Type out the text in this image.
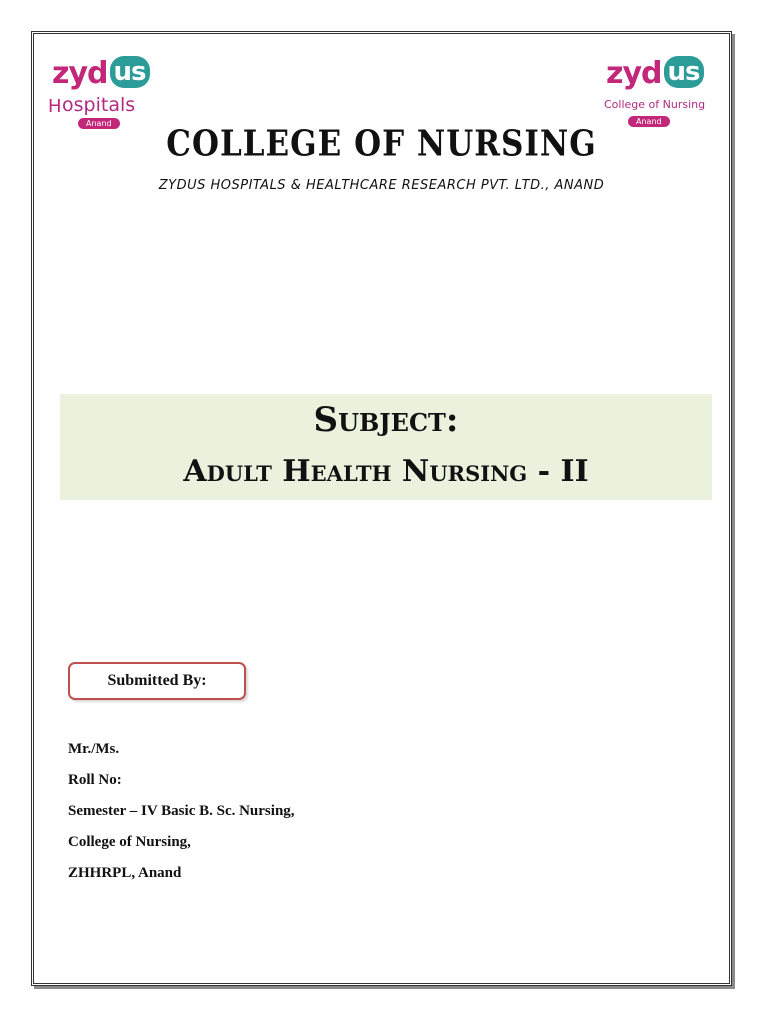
zyd us
H ospitals
Anand
zyd us
College of Nursing
Anand
COLLEGE OF NURSING
ZYDUS HOSPITALS & HEALTHCARE RESEARCH PVT. LTD., ANAND
Subject:
Adult Health Nursing - II
Submitted By:
Mr./Ms.
Roll No:
Semester – IV Basic B. Sc. Nursing,
College of Nursing,
ZHHRPL, Anand
